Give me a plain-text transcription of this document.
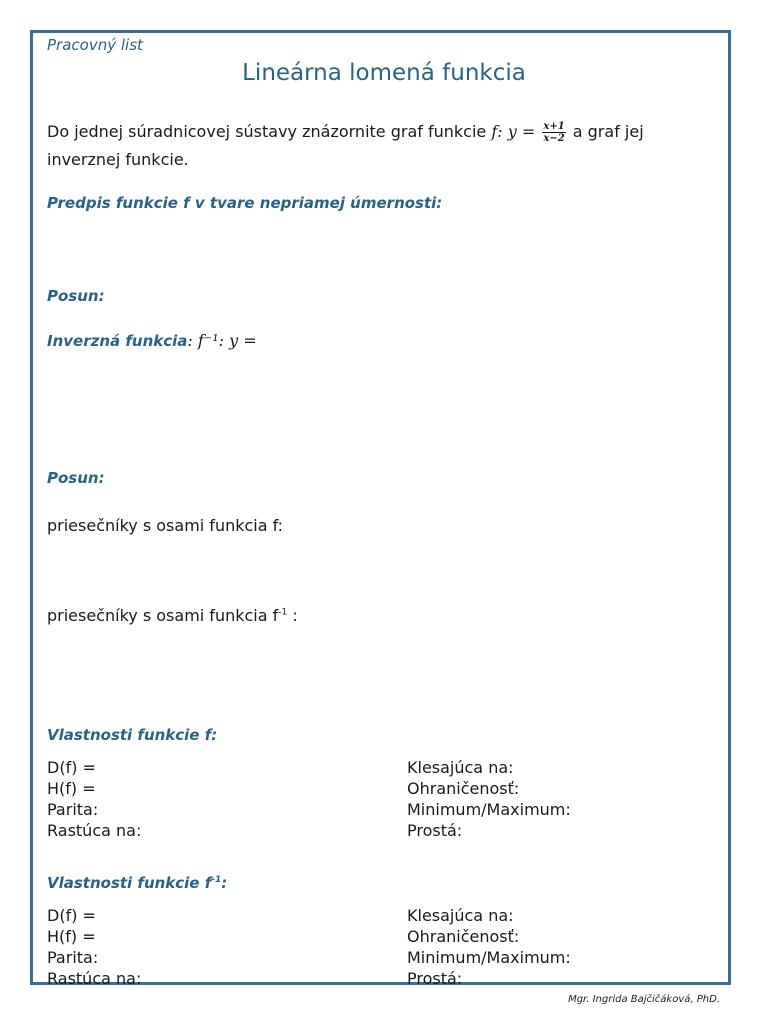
Pracovný list
Lineárna lomená funkcia
Do jednej súradnicovej sústavy znázornite graf funkcie f: $y = \frac{x+1}{x-2}$ a graf jej
inverznej funkcie.
Predpis funkcie f v tvare nepriamej úmernosti:
Posun:
Inverzná funkcia: f⁻¹: y =
Posun:
priesečníky s osami funkcia f:
priesečníky s osami funkcia $f^{-1}$ :
Vlastnosti funkcie f:
D(f) =
H(f) =
Parita:
Rastúca na:
Klesajúca na:
Ohraničenosť:
Minimum/Maximum:
Prostá:
Vlastnosti funkcie $f^{-1}$:
D(f) =
H(f) =
Parita:
Rastúca na:
Klesajúca na:
Ohraničenosť:
Minimum/Maximum:
Prostá:
Mgr. Ingrida Bajčičáková, PhD.
